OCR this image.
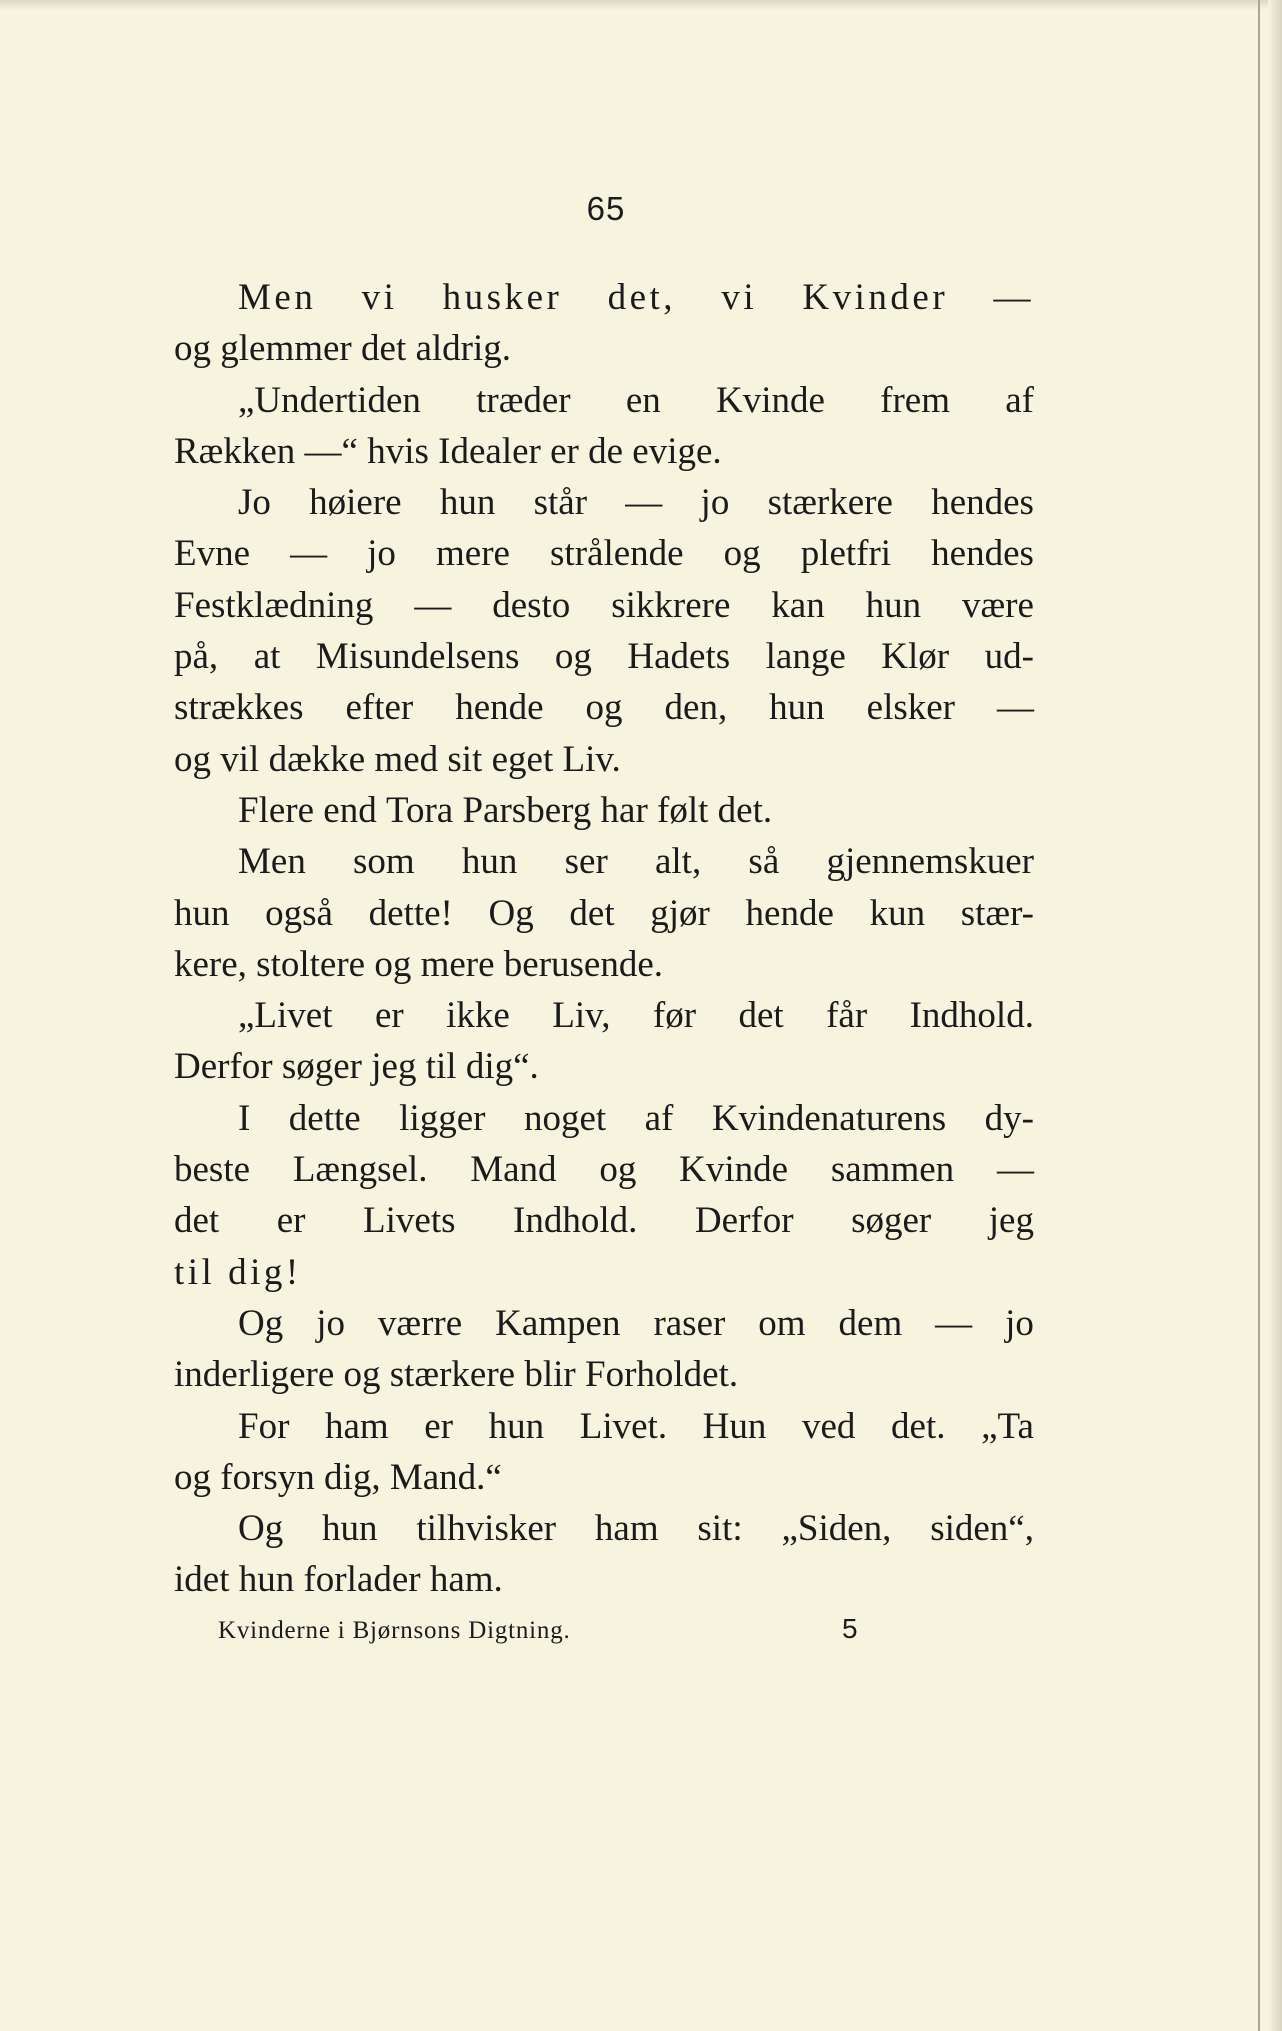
65
Men vi husker det, vi Kvinder —
og glemmer det aldrig.
„Undertiden træder en Kvinde frem af
Rækken —“ hvis Idealer er de evige.
Jo høiere hun står — jo stærkere hendes
Evne — jo mere strålende og pletfri hendes
Festklædning — desto sikkrere kan hun være
på, at Misundelsens og Hadets lange Klør ud-
strækkes efter hende og den, hun elsker —
og vil dække med sit eget Liv.
Flere end Tora Parsberg har følt det.
Men som hun ser alt, så gjennemskuer
hun også dette! Og det gjør hende kun stær-
kere, stoltere og mere berusende.
„Livet er ikke Liv, før det får Indhold.
Derfor søger jeg til dig“.
I dette ligger noget af Kvindenaturens dy-
beste Længsel. Mand og Kvinde sammen —
det er Livets Indhold. Derfor søger jeg
til dig!
Og jo værre Kampen raser om dem — jo
inderligere og stærkere blir Forholdet.
For ham er hun Livet. Hun ved det. „Ta
og forsyn dig, Mand.“
Og hun tilhvisker ham sit: „Siden, siden“,
idet hun forlader ham.
Kvinderne i Bjørnsons Digtning.	5
